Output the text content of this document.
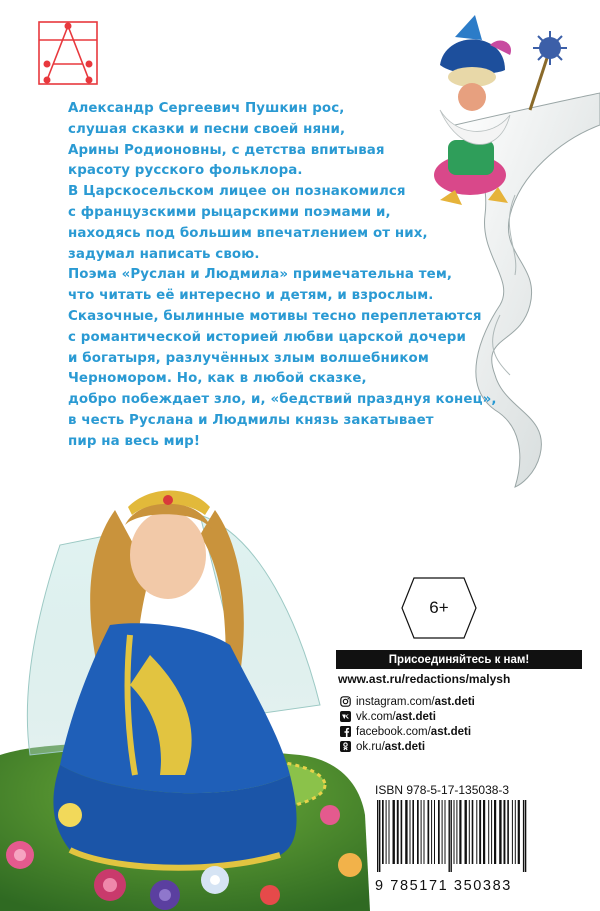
Александр Сергеевич Пушкин рос,

слушая сказки и песни своей няни,

Арины Родионовны, с детства впитывая

красоту русского фольклора.

В Царскосельском лицее он познакомился

с французскими рыцарскими поэмами и,

находясь под большим впечатлением от них,

задумал написать свою.

Поэма «Руслан и Людмила» примечательна тем,

что читать её интересно и детям, и взрослым.

Сказочные, былинные мотивы тесно переплетаются

с романтической историей любви царской дочери

и богатыря, разлучённых злым волшебником

Черномором. Но, как в любой сказке,

добро побеждает зло, и, «бедствий празднуя конец»,

в честь Руслана и Людмилы князь закатывает

пир на весь мир!

6+
Присоединяйтесь к нам!
www.ast.ru/redactions/malysh
instagram.com/ ast.deti
vk.com/ ast.deti
facebook.com/ ast.deti
ok.ru/ ast.deti
ISBN 978-5-17-135038-3
9 785171 350383
